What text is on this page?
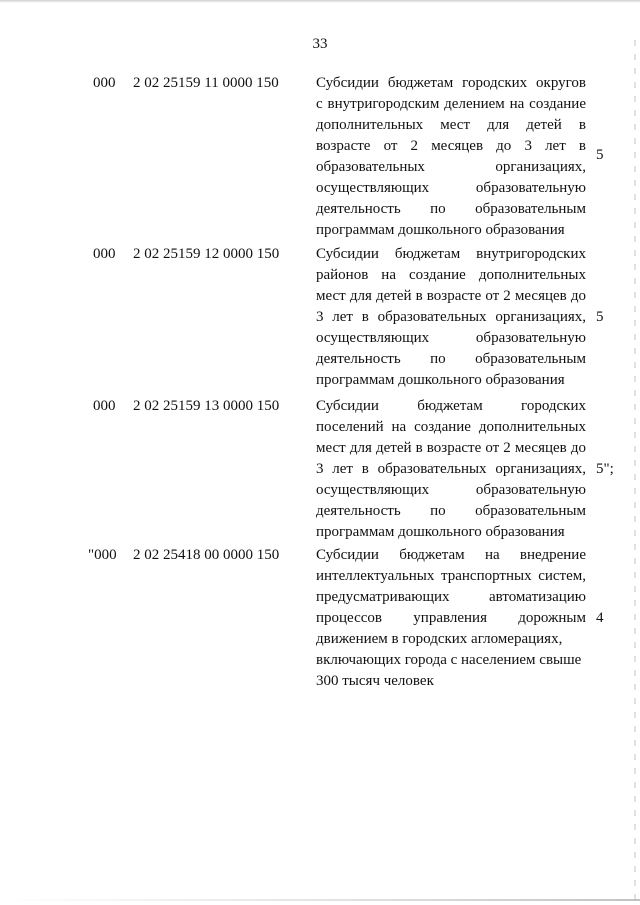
33
000 2 02 25159 11 0000 150 Субсидии бюджетам городских округов
с внутригородским делением на создание
дополнительных мест для детей в
возрасте от 2 месяцев до 3 лет в
образовательных организациях,
осуществляющих образовательную
деятельность по образовательным
программам дошкольного образования
5
000 2 02 25159 12 0000 150 Субсидии бюджетам внутригородских
районов на создание дополнительных
мест для детей в возрасте от 2 месяцев до
3 лет в образовательных организациях,
осуществляющих образовательную
деятельность по образовательным
программам дошкольного образования
5
000 2 02 25159 13 0000 150 Субсидии бюджетам городских
поселений на создание дополнительных
мест для детей в возрасте от 2 месяцев до
3 лет в образовательных организациях,
осуществляющих образовательную
деятельность по образовательным
программам дошкольного образования
5";
"000 2 02 25418 00 0000 150 Субсидии бюджетам на внедрение
интеллектуальных транспортных систем,
предусматривающих автоматизацию
процессов управления дорожным
движением в городских агломерациях,
включающих города с населением свыше
300 тысяч человек
4
